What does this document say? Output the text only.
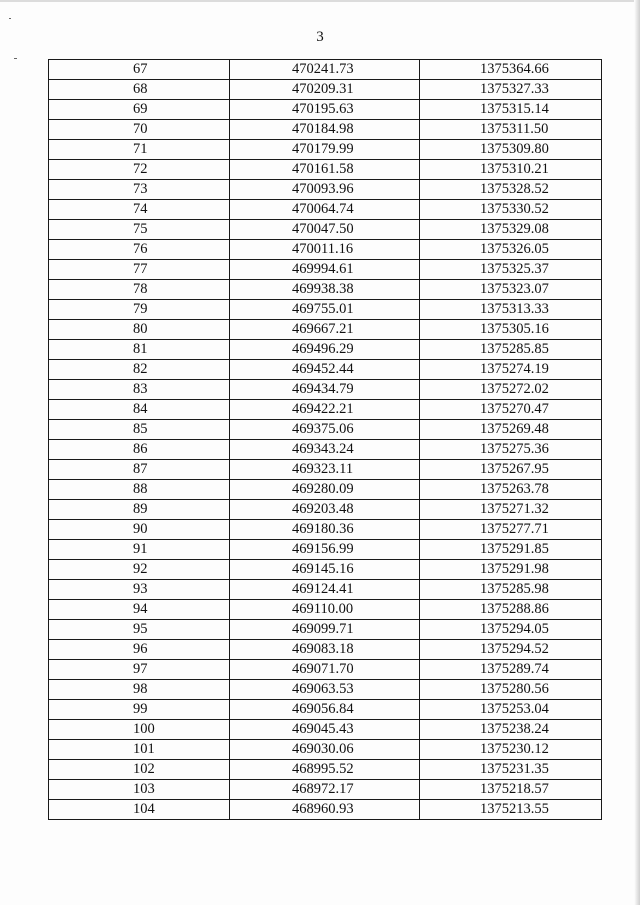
3
67	470241.73	1375364.66
68	470209.31	1375327.33
69	470195.63	1375315.14
70	470184.98	1375311.50
71	470179.99	1375309.80
72	470161.58	1375310.21
73	470093.96	1375328.52
74	470064.74	1375330.52
75	470047.50	1375329.08
76	470011.16	1375326.05
77	469994.61	1375325.37
78	469938.38	1375323.07
79	469755.01	1375313.33
80	469667.21	1375305.16
81	469496.29	1375285.85
82	469452.44	1375274.19
83	469434.79	1375272.02
84	469422.21	1375270.47
85	469375.06	1375269.48
86	469343.24	1375275.36
87	469323.11	1375267.95
88	469280.09	1375263.78
89	469203.48	1375271.32
90	469180.36	1375277.71
91	469156.99	1375291.85
92	469145.16	1375291.98
93	469124.41	1375285.98
94	469110.00	1375288.86
95	469099.71	1375294.05
96	469083.18	1375294.52
97	469071.70	1375289.74
98	469063.53	1375280.56
99	469056.84	1375253.04
100	469045.43	1375238.24
101	469030.06	1375230.12
102	468995.52	1375231.35
103	468972.17	1375218.57
104	468960.93	1375213.55
